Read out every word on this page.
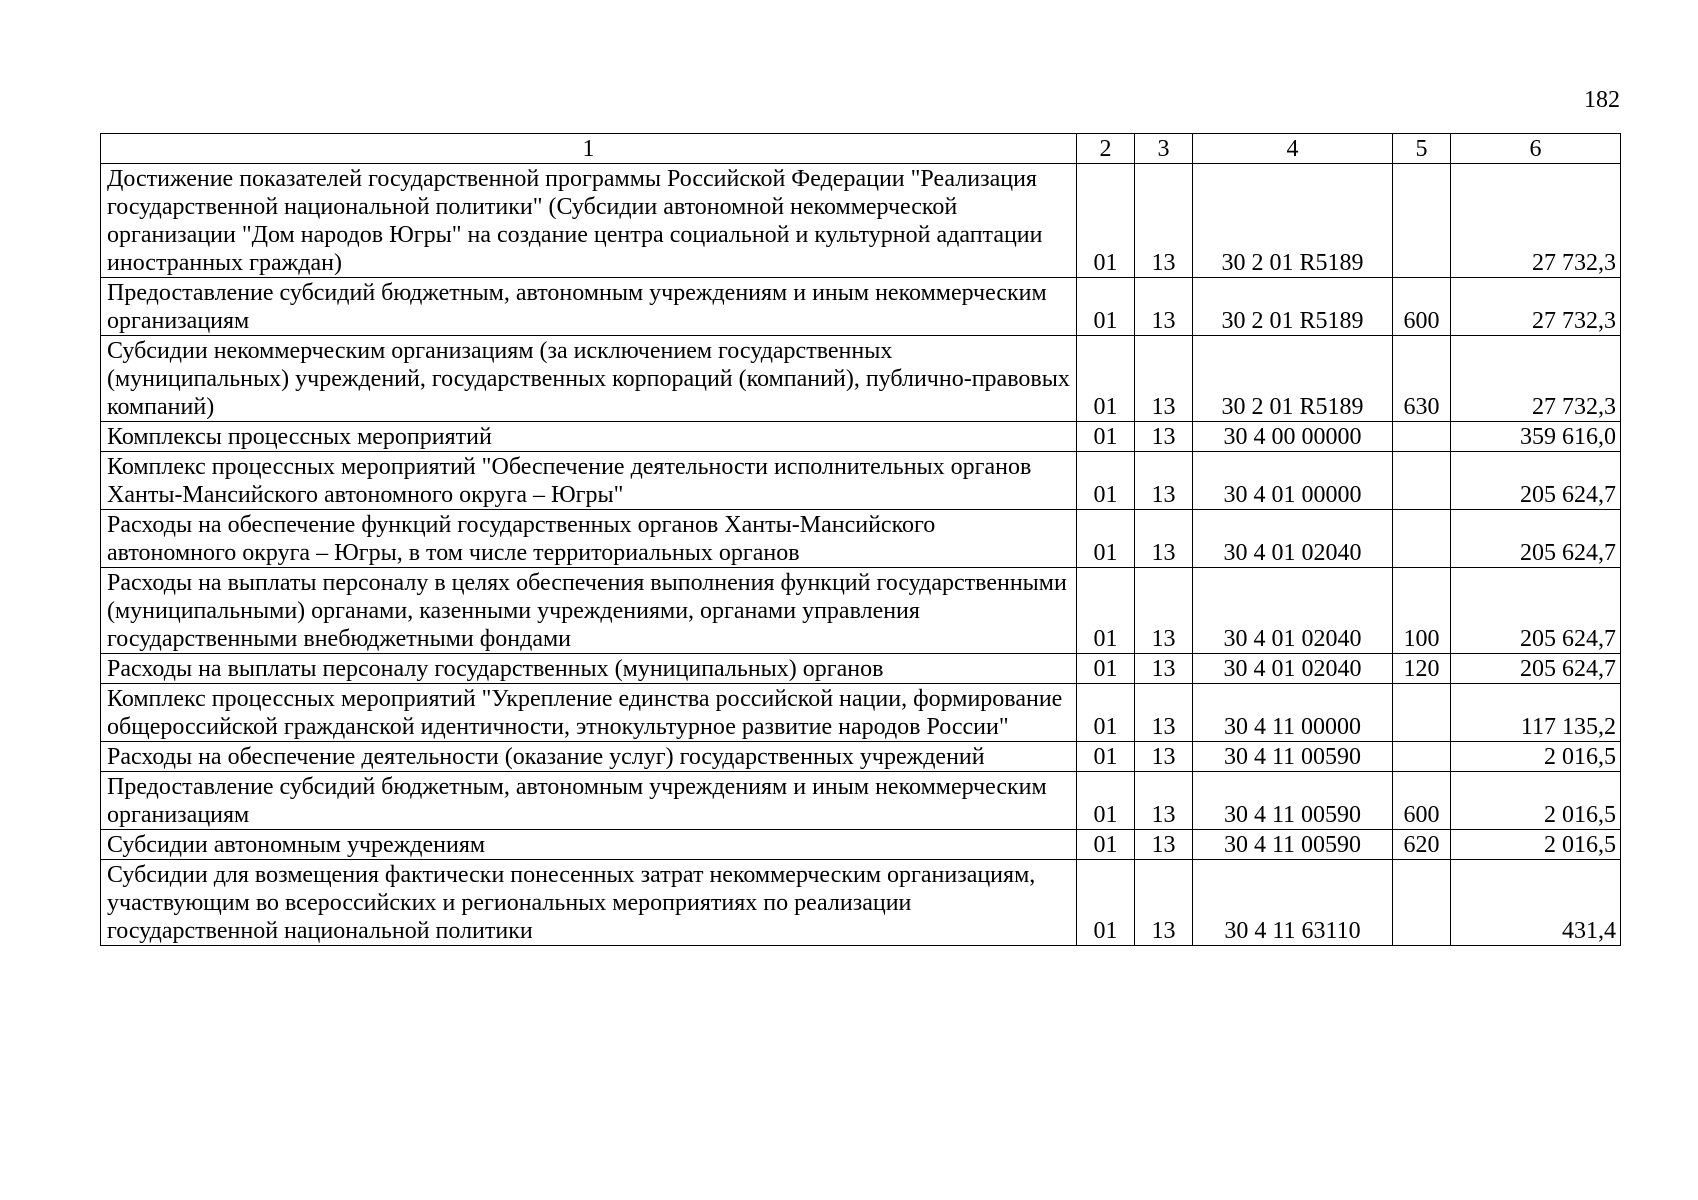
182
1	2	3	4	5	6
Достижение показателей государственной программы Российской Федерации "Реализация государственной национальной политики" (Субсидии автономной некоммерческой организации "Дом народов Югры" на создание центра социальной и культурной адаптации иностранных граждан)	01	13	30 2 01 R5189		27 732,3
Предоставление субсидий бюджетным, автономным учреждениям и иным некоммерческим организациям	01	13	30 2 01 R5189	600	27 732,3
Субсидии некоммерческим организациям (за исключением государственных (муниципальных) учреждений, государственных корпораций (компаний), публично-правовых компаний)	01	13	30 2 01 R5189	630	27 732,3
Комплексы процессных мероприятий	01	13	30 4 00 00000		359 616,0
Комплекс процессных мероприятий "Обеспечение деятельности исполнительных органов Ханты-Мансийского автономного округа – Югры"	01	13	30 4 01 00000		205 624,7
Расходы на обеспечение функций государственных органов Ханты-Мансийского автономного округа – Югры, в том числе территориальных органов	01	13	30 4 01 02040		205 624,7
Расходы на выплаты персоналу в целях обеспечения выполнения функций государственными (муниципальными) органами, казенными учреждениями, органами управления государственными внебюджетными фондами	01	13	30 4 01 02040	100	205 624,7
Расходы на выплаты персоналу государственных (муниципальных) органов	01	13	30 4 01 02040	120	205 624,7
Комплекс процессных мероприятий "Укрепление единства российской нации, формирование общероссийской гражданской идентичности, этнокультурное развитие народов России"	01	13	30 4 11 00000		117 135,2
Расходы на обеспечение деятельности (оказание услуг) государственных учреждений	01	13	30 4 11 00590		2 016,5
Предоставление субсидий бюджетным, автономным учреждениям и иным некоммерческим организациям	01	13	30 4 11 00590	600	2 016,5
Субсидии автономным учреждениям	01	13	30 4 11 00590	620	2 016,5
Субсидии для возмещения фактически понесенных затрат некоммерческим организациям, участвующим во всероссийских и региональных мероприятиях по реализации государственной национальной политики	01	13	30 4 11 63110		431,4
